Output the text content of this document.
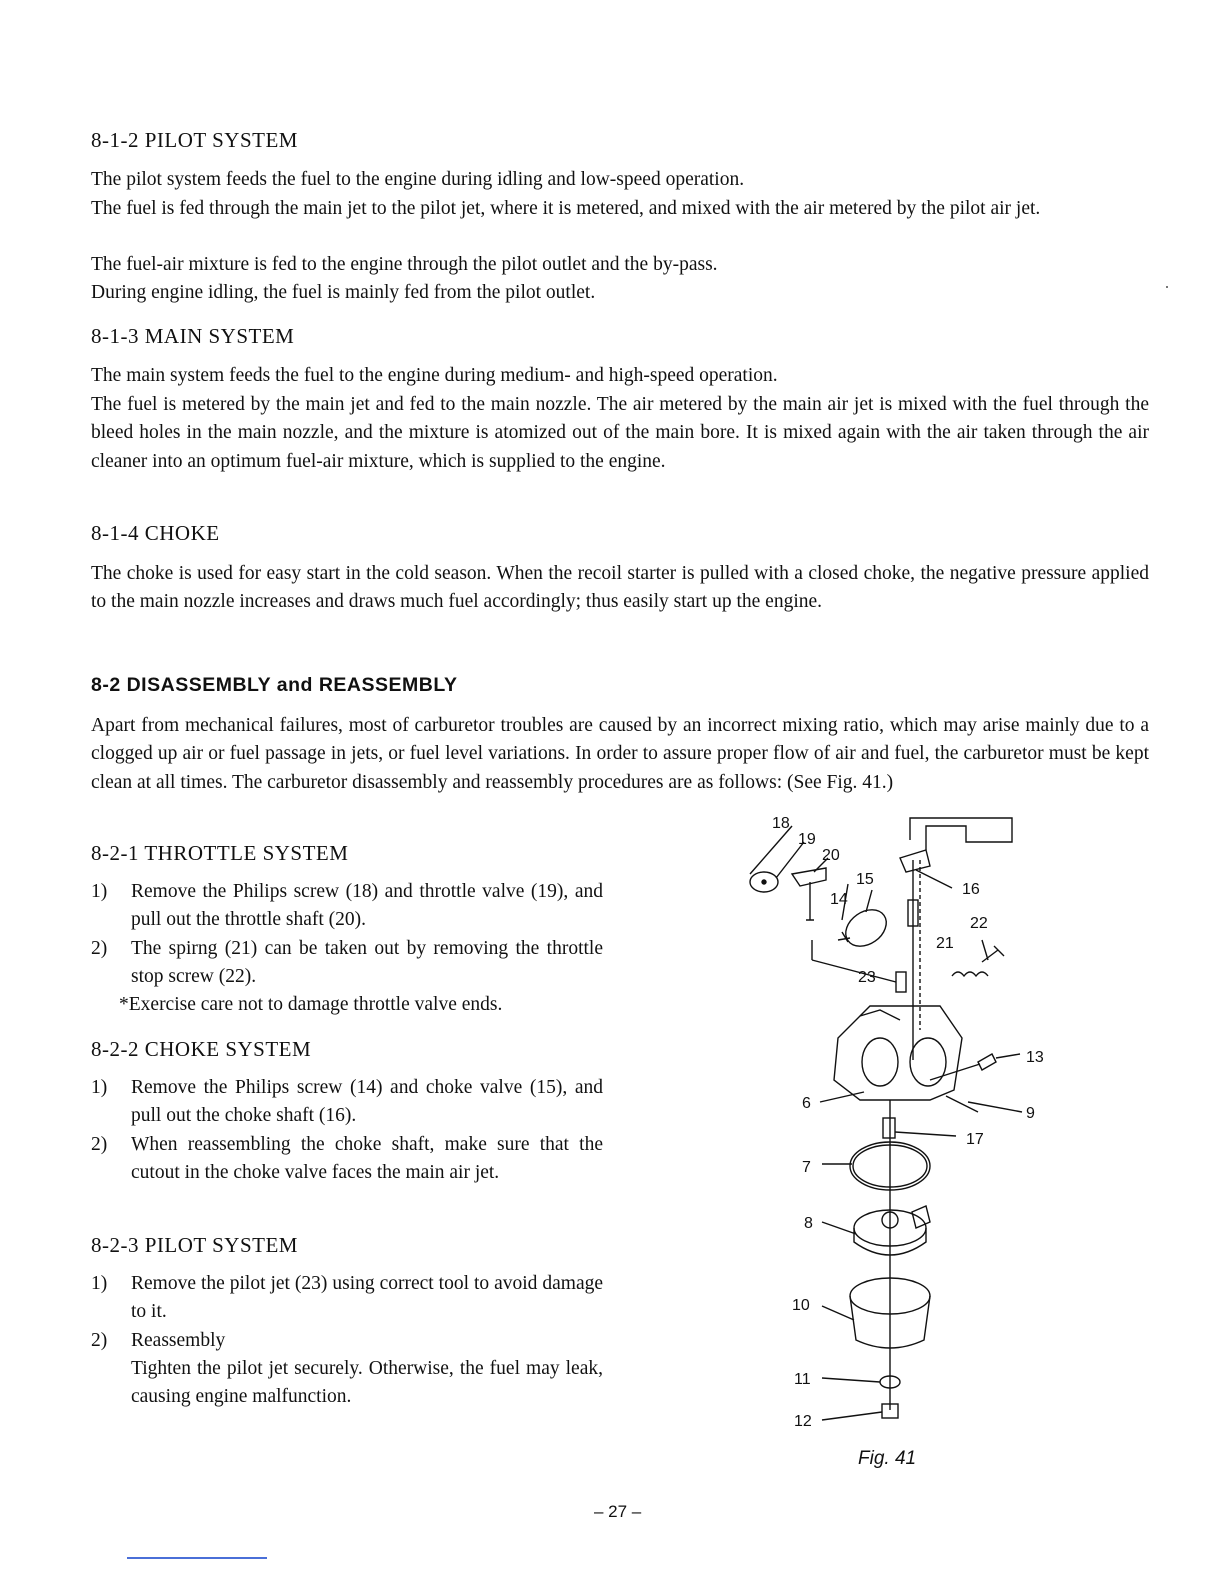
8-1-2 PILOT SYSTEM

The pilot system feeds the fuel to the engine during idling and low-speed operation.

The fuel is fed through the main jet to the pilot jet, where it is metered, and mixed with the air metered by the pilot air jet.

The fuel-air mixture is fed to the engine through the pilot outlet and the by-pass.

During engine idling, the fuel is mainly fed from the pilot outlet.

8-1-3 MAIN SYSTEM

The main system feeds the fuel to the engine during medium- and high-speed operation.

The fuel is metered by the main jet and fed to the main nozzle. The air metered by the main air jet is mixed with the fuel through the bleed holes in the main nozzle, and the mixture is atomized out of the main bore. It is mixed again with the air taken through the air cleaner into an optimum fuel-air mixture, which is supplied to the engine.

8-1-4 CHOKE

The choke is used for easy start in the cold season. When the recoil starter is pulled with a closed choke, the negative pressure applied to the main nozzle increases and draws much fuel accordingly; thus easily start up the engine.

8-2 DISASSEMBLY and REASSEMBLY

Apart from mechanical failures, most of carburetor troubles are caused by an incorrect mixing ratio, which may arise mainly due to a clogged up air or fuel passage in jets, or fuel level variations. In order to assure proper flow of air and fuel, the carburetor must be kept clean at all times. The carburetor disassembly and reassembly procedures are as follows: (See Fig. 41.)

8-2-1 THROTTLE SYSTEM
1) Remove the Philips screw (18) and throttle valve (19), and pull out the throttle shaft (20).
2) The spirng (21) can be taken out by removing the throttle stop screw (22).
*Exercise care not to damage throttle valve ends.
8-2-2 CHOKE SYSTEM
1) Remove the Philips screw (14) and choke valve (15), and pull out the choke shaft (16).
2) When reassembling the choke shaft, make sure that the cutout in the choke valve faces the main air jet.
8-2-3 PILOT SYSTEM
1) Remove the pilot jet (23) using correct tool to avoid damage to it.
2) Reassembly
Tighten the pilot jet securely. Otherwise, the fuel may leak, causing engine malfunction.
18
19
20
15
14
16
22
21
23
13
6
9
17
7
8
10
11
12
Fig. 41
– 27 –
